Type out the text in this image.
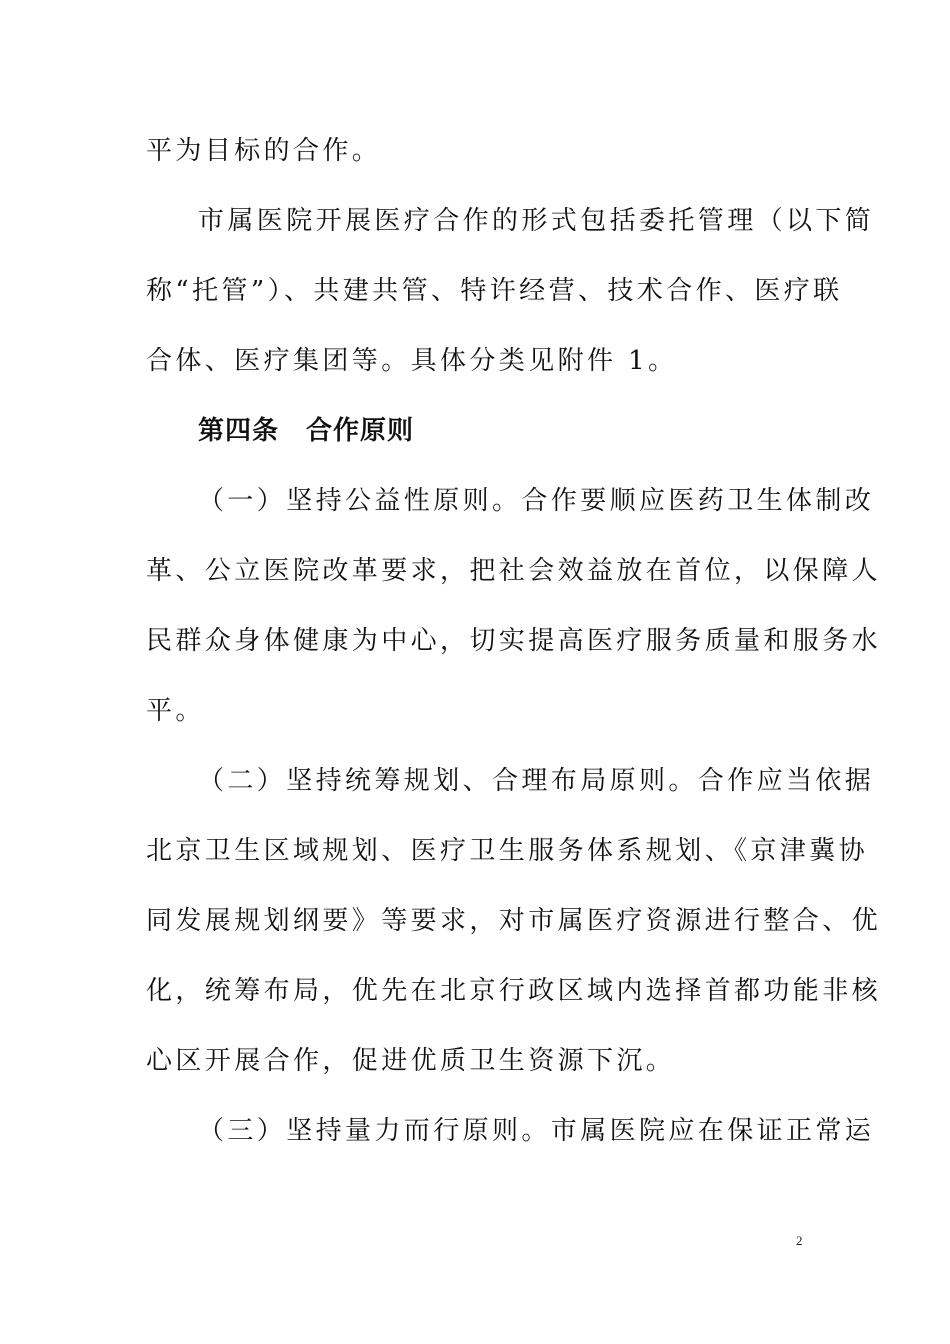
平为目标的合作。
市属医院开展医疗合作的形式包括委托管理（以下简
称“托管”）、共建共管、特许经营、技术合作、医疗联
合体、医疗集团等。具体分类见附件 1。
第四条　合作原则
（一）坚持公益性原则。合作要顺应医药卫生体制改
革、公立医院改革要求，把社会效益放在首位，以保障人
民群众身体健康为中心，切实提高医疗服务质量和服务水
平。
（二）坚持统筹规划、合理布局原则。合作应当依据
北京卫生区域规划、医疗卫生服务体系规划、《京津冀协
同发展规划纲要》等要求，对市属医疗资源进行整合、优
化，统筹布局，优先在北京行政区域内选择首都功能非核
心区开展合作，促进优质卫生资源下沉。
（三）坚持量力而行原则。市属医院应在保证正常运
2
